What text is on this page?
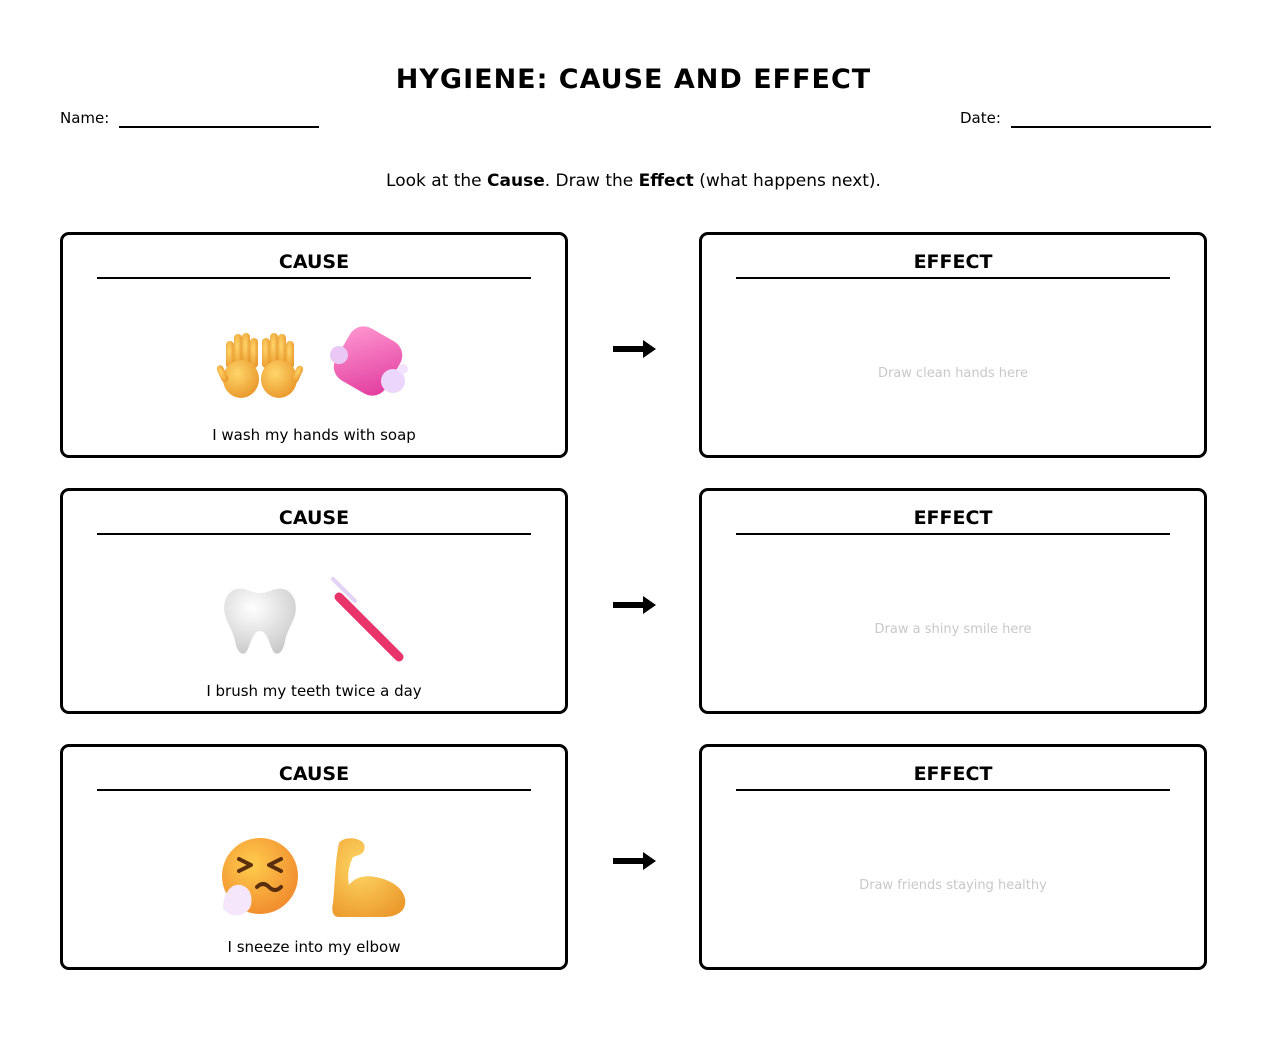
HYGIENE: CAUSE AND EFFECT
Name:	Date:
Look at the Cause. Draw the Effect (what happens next).
CAUSE
I wash my hands with soap
EFFECT
Draw clean hands here
CAUSE
I brush my teeth twice a day
EFFECT
Draw a shiny smile here
CAUSE
I sneeze into my elbow
EFFECT
Draw friends staying healthy
